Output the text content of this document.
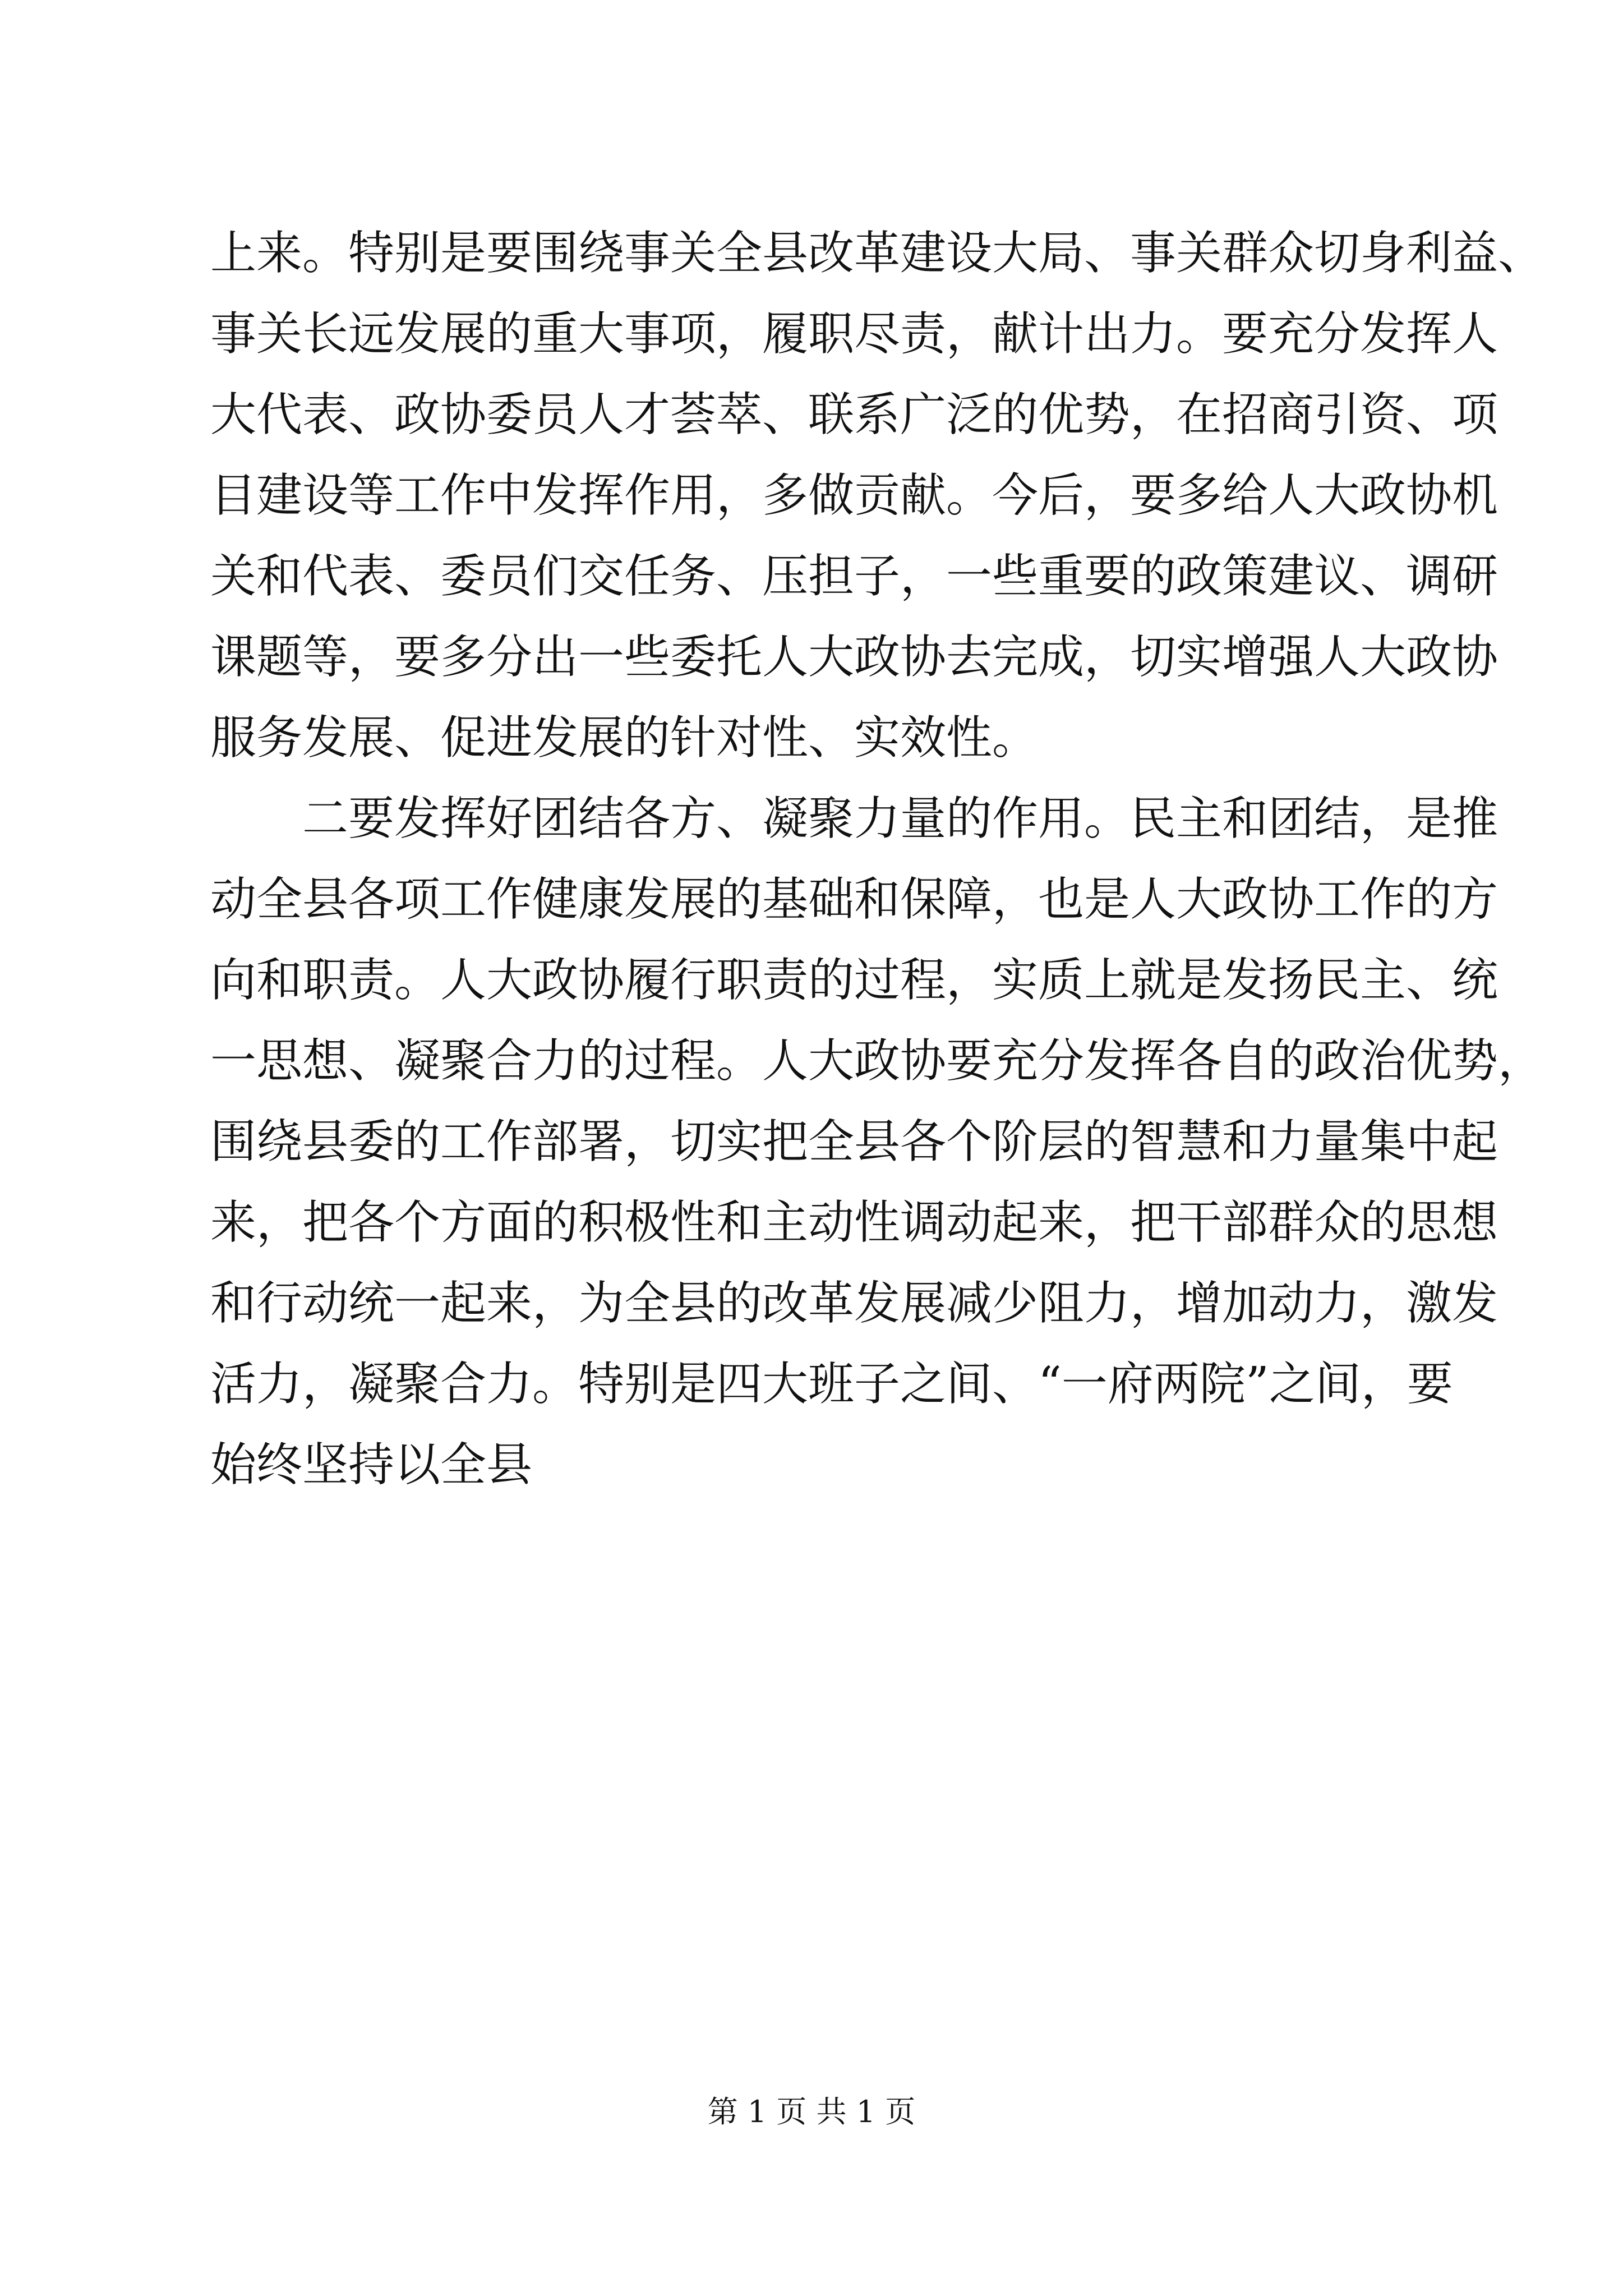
上来。特别是要围绕事关全县改革建设大局、事关群众切身利益、
事关长远发展的重大事项，履职尽责，献计出力。要充分发挥人
大代表、政协委员人才荟萃、联系广泛的优势，在招商引资、项
目建设等工作中发挥作用，多做贡献。今后，要多给人大政协机
关和代表、委员们交任务、压担子，一些重要的政策建议、调研
课题等，要多分出一些委托人大政协去完成，切实增强人大政协
服务发展、促进发展的针对性、实效性。
　　二要发挥好团结各方、凝聚力量的作用。民主和团结，是推
动全县各项工作健康发展的基础和保障，也是人大政协工作的方
向和职责。人大政协履行职责的过程，实质上就是发扬民主、统
一思想、凝聚合力的过程。人大政协要充分发挥各自的政治优势，
围绕县委的工作部署，切实把全县各个阶层的智慧和力量集中起
来，把各个方面的积极性和主动性调动起来，把干部群众的思想
和行动统一起来，为全县的改革发展减少阻力，增加动力，激发
活力，凝聚合力。特别是四大班子之间、“一府两院”之间，要
始终坚持以全县
第 1 页 共 1 页
